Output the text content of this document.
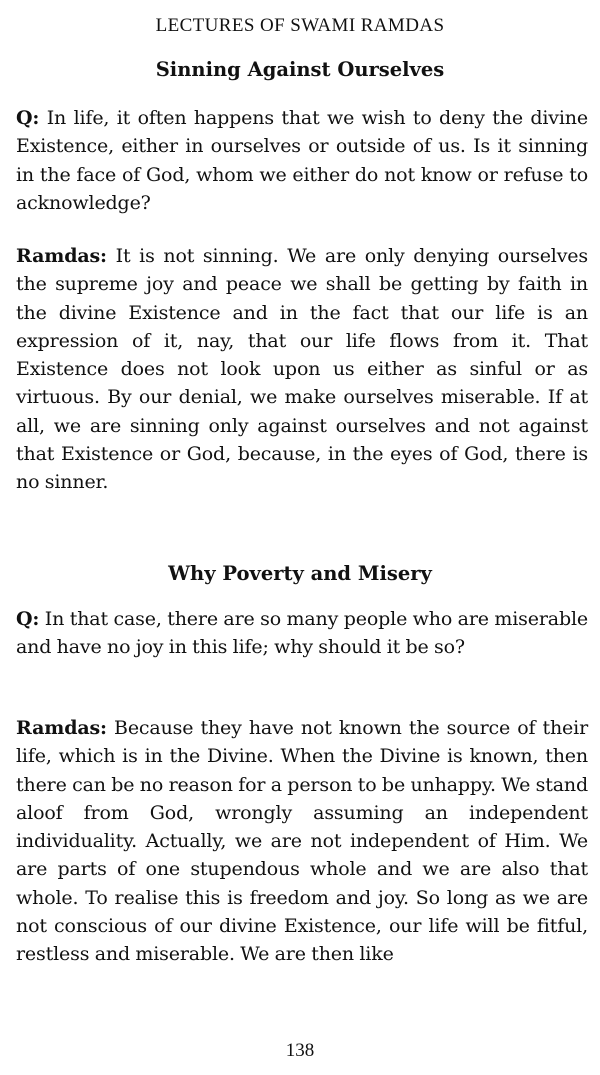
LECTURES OF SWAMI RAMDAS
Sinning Against Ourselves
Q: In life, it often happens that we wish to deny the divine Existence, either in ourselves or outside of us. Is it sinning in the face of God, whom we either do not know or refuse to acknowledge?
Ramdas: It is not sinning. We are only denying ourselves the supreme joy and peace we shall be getting by faith in the divine Existence and in the fact that our life is an expression of it, nay, that our life flows from it. That Existence does not look upon us either as sinful or as virtuous. By our denial, we make ourselves miserable. If at all, we are sinning only against ourselves and not against that Existence or God, because, in the eyes of God, there is no sinner.
Why Poverty and Misery
Q: In that case, there are so many people who are miserable and have no joy in this life; why should it be so?
Ramdas: Because they have not known the source of their life, which is in the Divine. When the Divine is known, then there can be no reason for a person to be unhappy. We stand aloof from God, wrongly assuming an independent individuality. Actually, we are not independent of Him. We are parts of one stupendous whole and we are also that whole. To realise this is freedom and joy. So long as we are not conscious of our divine Existence, our life will be fitful, restless and miserable. We are then like
138
